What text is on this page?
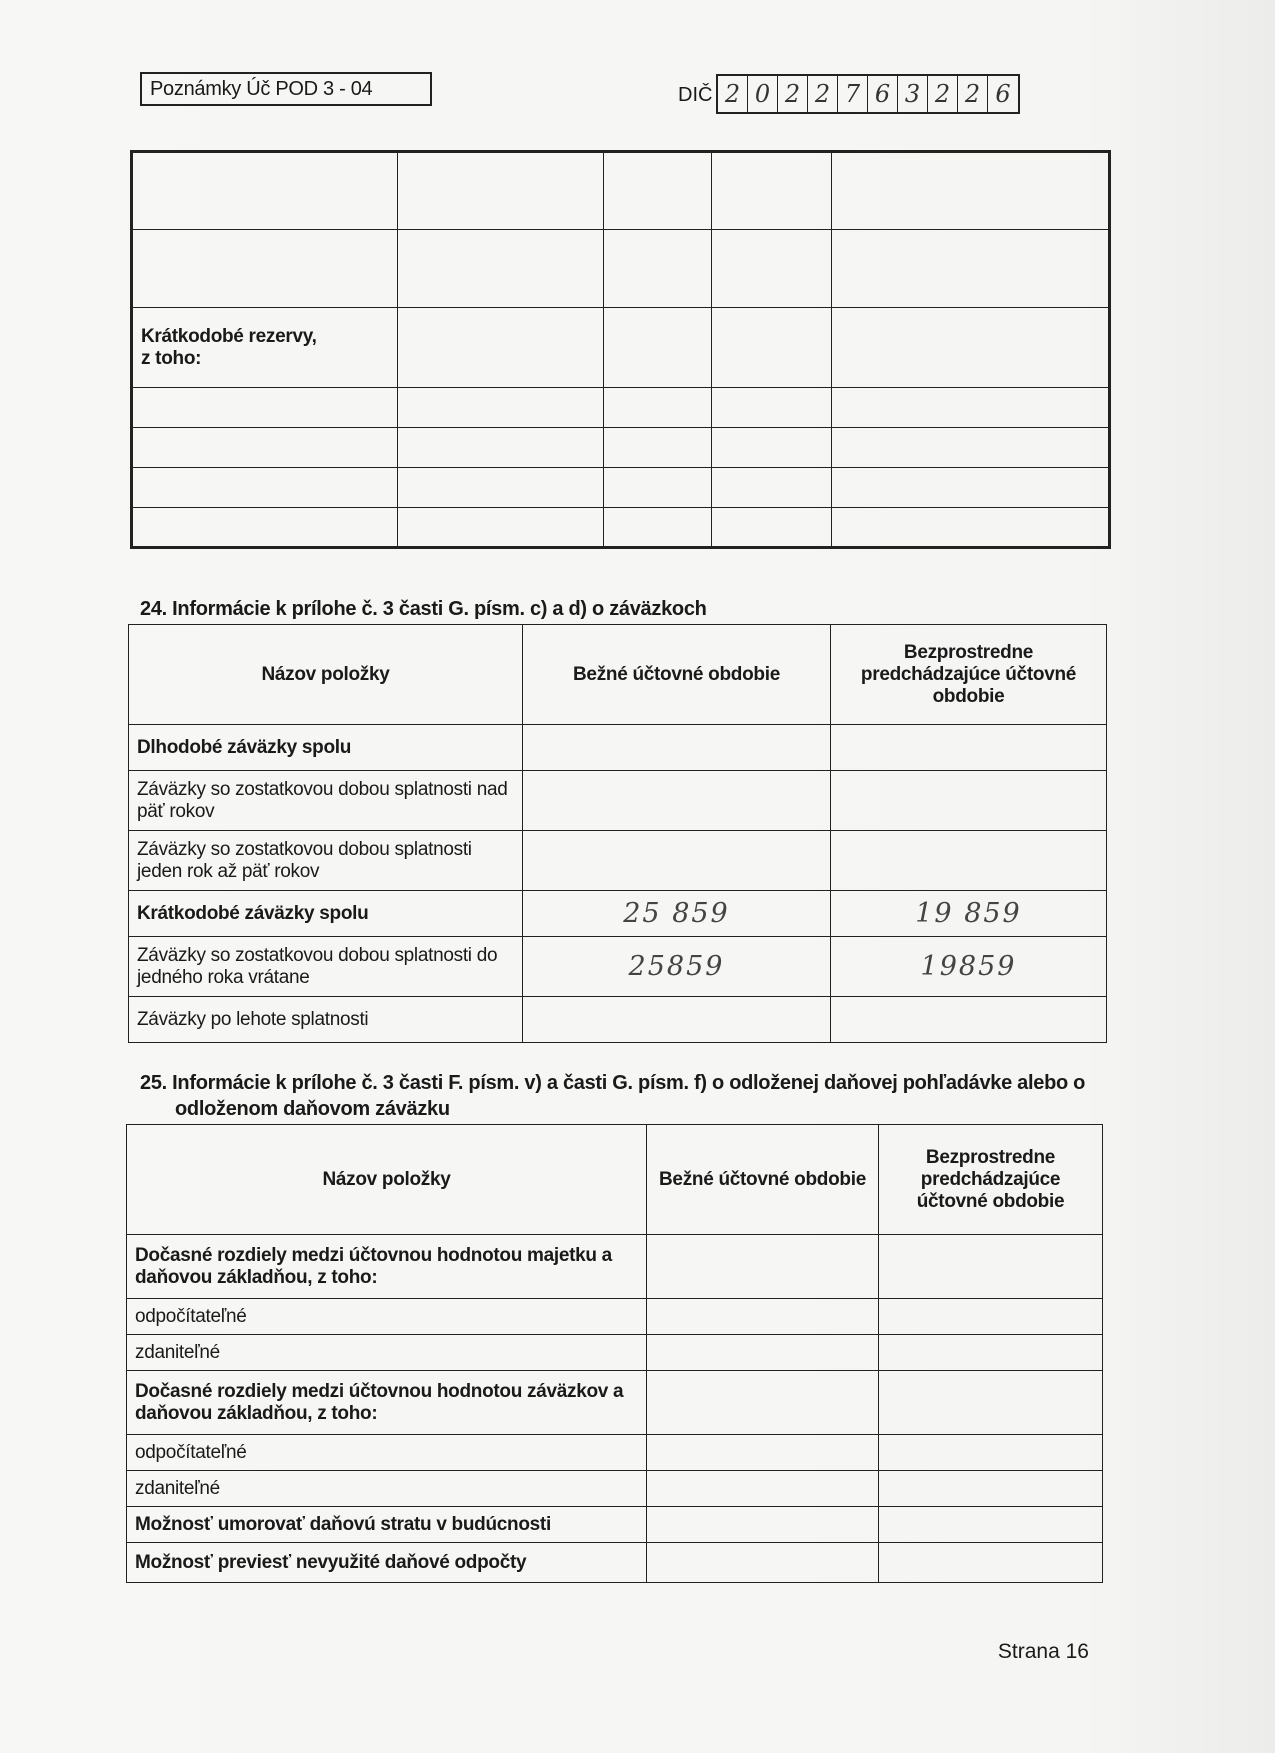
Poznámky Úč POD 3 - 04	DIČ 2 0 2 2 7 6 3 2 2 6

Krátkodobé rezervy,
z toho:				

24. Informácie k prílohe č. 3 časti G. písm. c) a d) o záväzkoch
Názov položky	Bežné účtovné obdobie	Bezprostredne predchádzajúce účtovné obdobie
Dlhodobé záväzky spolu		
Záväzky so zostatkovou dobou splatnosti nad päť rokov		
Záväzky so zostatkovou dobou splatnosti jeden rok až päť rokov		
Krátkodobé záväzky spolu	25 859	19 859
Záväzky so zostatkovou dobou splatnosti do jedného roka vrátane	25859	19859
Záväzky po lehote splatnosti		
25. Informácie k prílohe č. 3 časti F. písm. v) a časti G. písm. f) o odloženej daňovej pohľadávke alebo o
odloženom daňovom záväzku
Názov položky	Bežné účtovné obdobie	Bezprostredne predchádzajúce účtovné obdobie
Dočasné rozdiely medzi účtovnou hodnotou majetku a daňovou základňou, z toho:		
odpočítateľné		
zdaniteľné		
Dočasné rozdiely medzi účtovnou hodnotou záväzkov a daňovou základňou, z toho:		
odpočítateľné		
zdaniteľné		
Možnosť umorovať daňovú stratu v budúcnosti		
Možnosť previesť nevyužité daňové odpočty		
Strana 16
